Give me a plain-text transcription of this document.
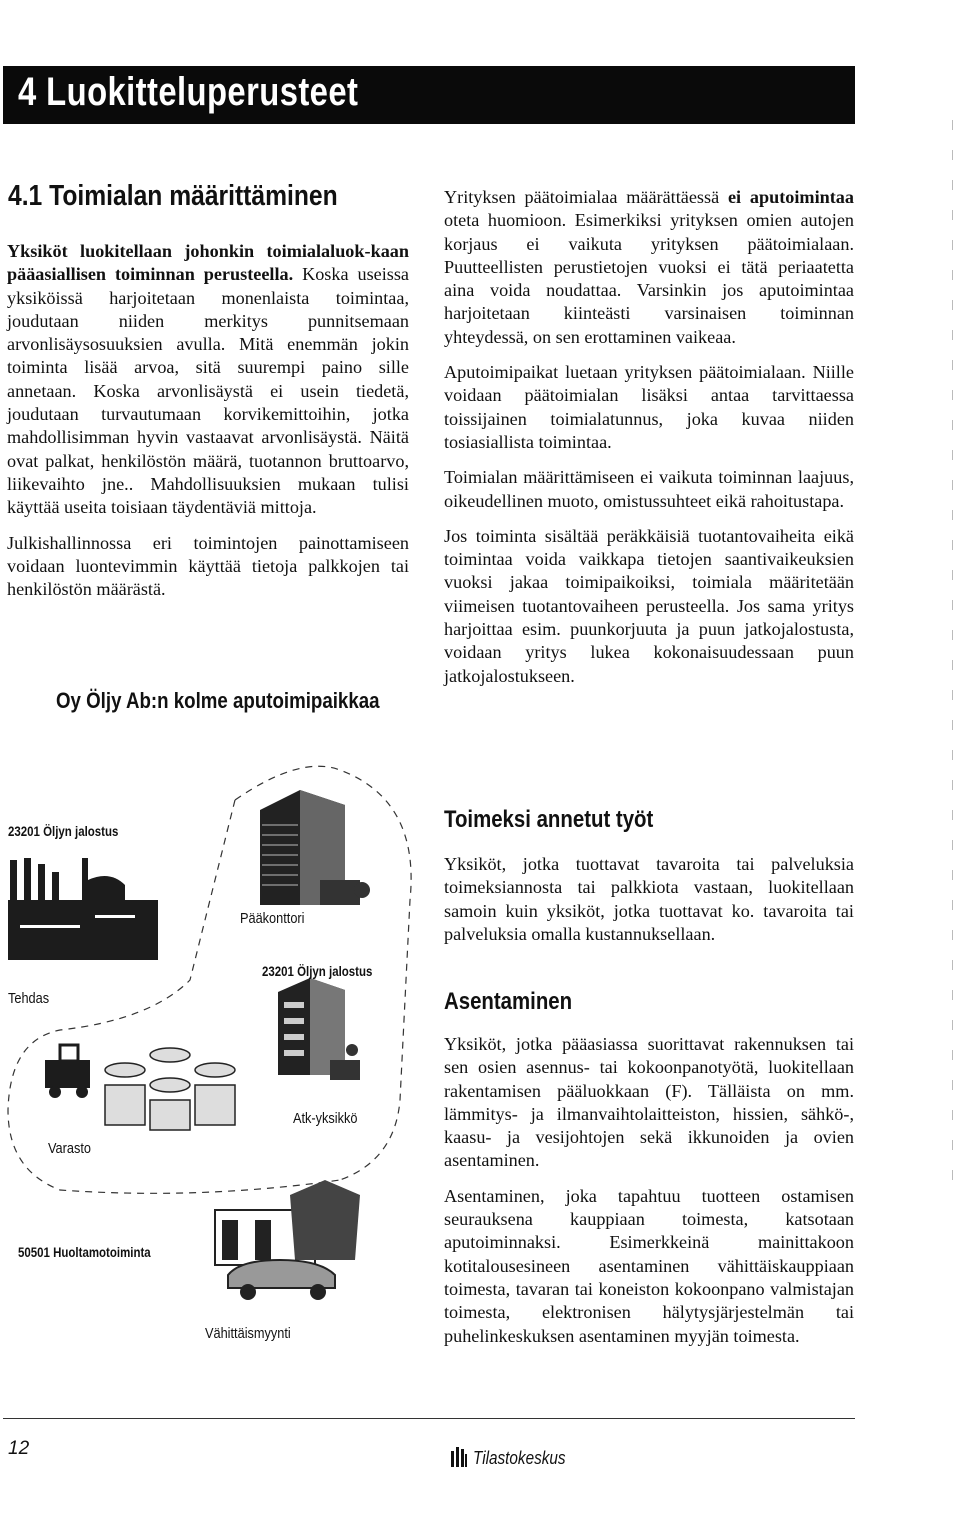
4 Luokitteluperusteet
4.1 Toimialan määrittäminen

Yksiköt luokitellaan johonkin toimialaluok-kaan pääasiallisen toiminnan perusteella. Koska useissa yksiköissä harjoitetaan monenlaista toimintaa, joudutaan niiden merkitys punnitsemaan arvonlisäysosuuksien avulla. Mitä enemmän jokin toiminta lisää arvoa, sitä suurempi paino sille annetaan. Koska arvonlisäystä ei usein tiedetä, joudutaan turvautumaan korvikemittoihin, jotka mahdollisimman hyvin vastaavat arvonlisäystä. Näitä ovat palkat, henkilöstön määrä, tuotannon bruttoarvo, liikevaihto jne.. Mahdollisuuksien mukaan tulisi käyttää useita toisiaan täydentäviä mittoja.

Julkishallinnossa eri toimintojen painottamiseen voidaan luontevimmin käyttää tietoja palkkojen tai henkilöstön määrästä.

Yrityksen päätoimialaa määrättäessä ei aputoimintaa oteta huomioon. Esimerkiksi yrityksen omien autojen korjaus ei vaikuta yrityksen päätoimialaan. Puutteellisten perustietojen vuoksi ei tätä periaatetta aina voida noudattaa. Varsinkin jos aputoimintaa harjoitetaan kiinteästi varsinaisen toiminnan yhteydessä, on sen erottaminen vaikeaa.

Aputoimipaikat luetaan yrityksen päätoimialaan. Niille voidaan päätoimialan lisäksi antaa tarvittaessa toissijainen toimialatunnus, joka kuvaa niiden tosiasiallista toimintaa.

Toimialan määrittämiseen ei vaikuta toiminnan laajuus, oikeudellinen muoto, omistussuhteet eikä rahoitustapa.

Jos toiminta sisältää peräkkäisiä tuotantovaiheita eikä toimintaa voida vaikkapa tietojen saantivaikeuksien vuoksi jakaa toimipaikoiksi, toimiala määritetään viimeisen tuotantovaiheen perusteella. Jos sama yritys harjoittaa esim. puunkorjuuta ja puun jatkojalostusta, voidaan yritys lukea kokonaisuudessaan puun jatkojalostukseen.

Toimeksi annetut työt

Yksiköt, jotka tuottavat tavaroita tai palveluksia toimeksiannosta tai palkkiota vastaan, luokitellaan samoin kuin yksiköt, jotka tuottavat ko. tavaroita tai palveluksia omalla kustannuksellaan.

Asentaminen

Yksiköt, jotka pääasiassa suorittavat rakennuksen tai sen osien asennus- tai kokoonpanotyötä, luokitellaan rakentamisen pääluokkaan (F). Tälläista on mm. lämmitys- ja ilmanvaihtolaitteiston, hissien, sähkö-, kaasu- ja vesijohtojen sekä ikkunoiden ja ovien asentaminen.

Asentaminen, joka tapahtuu tuotteen ostamisen seurauksena kauppiaan toimesta, katsotaan aputoiminnaksi. Esimerkkeinä mainittakoon kotitalousesineen asentaminen vähittäiskauppiaan toimesta, tavaran tai koneiston kokoonpano valmistajan toimesta, elektronisen hälytysjärjestelmän tai puhelinkeskuksen asentaminen myyjän toimesta.

Oy Öljy Ab:n kolme aputoimipaikkaa
23201 Öljyn jalostus
Tehdas
Pääkonttori
23201 Öljyn jalostus
Atk-yksikkö
Varasto
50501 Huoltamotoiminta
Vähittäismyynti
12	Tilastokeskus
